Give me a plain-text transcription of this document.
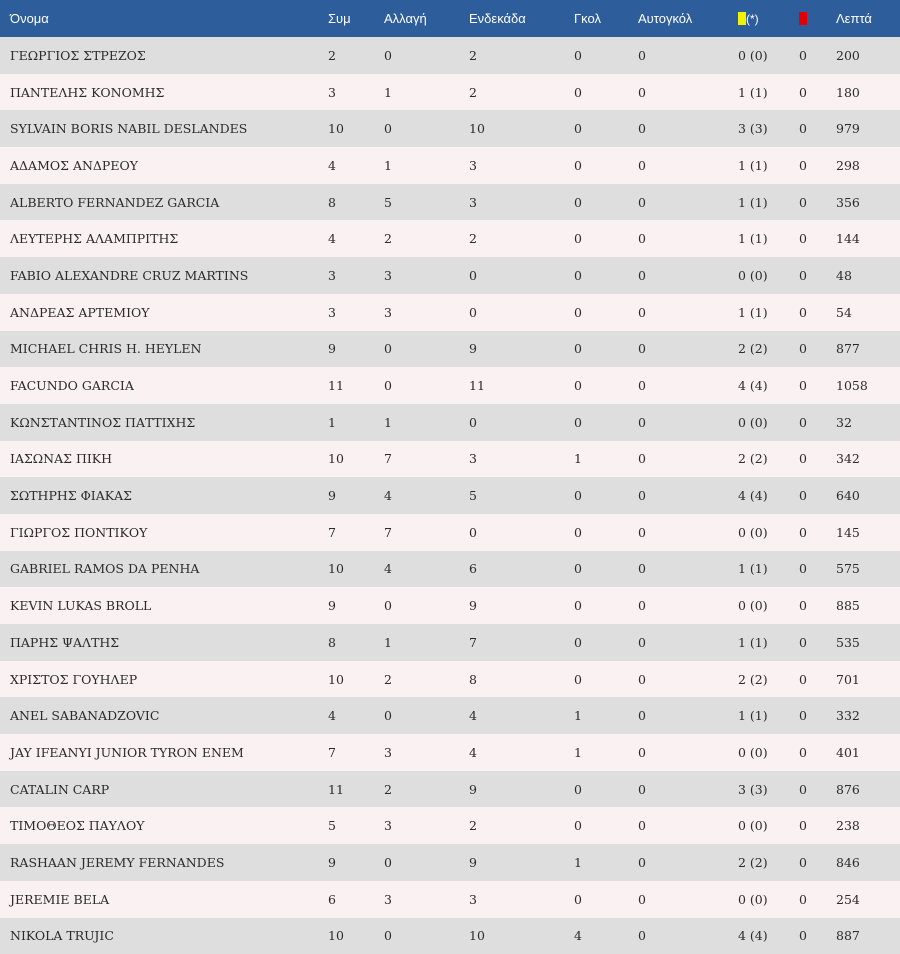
Όνομα	Συμ	Αλλαγή	Ενδεκάδα	Γκολ	Αυτογκόλ	(*)		Λεπτά
ΓΕΩΡΓΙΟΣ ΣΤΡΕΖΟΣ	2	0	2	0	0	0 (0)	0	200
ΠΑΝΤΕΛΗΣ ΚΟΝΟΜΗΣ	3	1	2	0	0	1 (1)	0	180
SYLVAIN BORIS NABIL DESLANDES	10	0	10	0	0	3 (3)	0	979
ΑΔΑΜΟΣ ΑΝΔΡΕΟΥ	4	1	3	0	0	1 (1)	0	298
ALBERTO FERNANDEZ GARCIA	8	5	3	0	0	1 (1)	0	356
ΛΕΥΤΕΡΗΣ ΑΛΑΜΠΡΙΤΗΣ	4	2	2	0	0	1 (1)	0	144
FABIO ALEXANDRE CRUZ MARTINS	3	3	0	0	0	0 (0)	0	48
ΑΝΔΡΕΑΣ ΑΡΤΕΜΙΟΥ	3	3	0	0	0	1 (1)	0	54
MICHAEL CHRIS H. HEYLEN	9	0	9	0	0	2 (2)	0	877
FACUNDO GARCIA	11	0	11	0	0	4 (4)	0	1058
ΚΩΝΣΤΑΝΤΙΝΟΣ ΠΑΤΤΙΧΗΣ	1	1	0	0	0	0 (0)	0	32
ΙΑΣΩΝΑΣ ΠΙΚΗ	10	7	3	1	0	2 (2)	0	342
ΣΩΤΗΡΗΣ ΦΙΑΚΑΣ	9	4	5	0	0	4 (4)	0	640
ΓΙΩΡΓΟΣ ΠΟΝΤΙΚΟΥ	7	7	0	0	0	0 (0)	0	145
GABRIEL RAMOS DA PENHA	10	4	6	0	0	1 (1)	0	575
KEVIN LUKAS BROLL	9	0	9	0	0	0 (0)	0	885
ΠΑΡΗΣ ΨΑΛΤΗΣ	8	1	7	0	0	1 (1)	0	535
ΧΡΙΣΤΟΣ ΓΟΥΗΛΕΡ	10	2	8	0	0	2 (2)	0	701
ANEL SABANADZOVIC	4	0	4	1	0	1 (1)	0	332
JAY IFEANYI JUNIOR TYRON ENEM	7	3	4	1	0	0 (0)	0	401
CATALIN CARP	11	2	9	0	0	3 (3)	0	876
ΤΙΜΟΘΕΟΣ ΠΑΥΛΟΥ	5	3	2	0	0	0 (0)	0	238
RASHAAN JEREMY FERNANDES	9	0	9	1	0	2 (2)	0	846
JEREMIE BELA	6	3	3	0	0	0 (0)	0	254
NIKOLA TRUJIC	10	0	10	4	0	4 (4)	0	887
